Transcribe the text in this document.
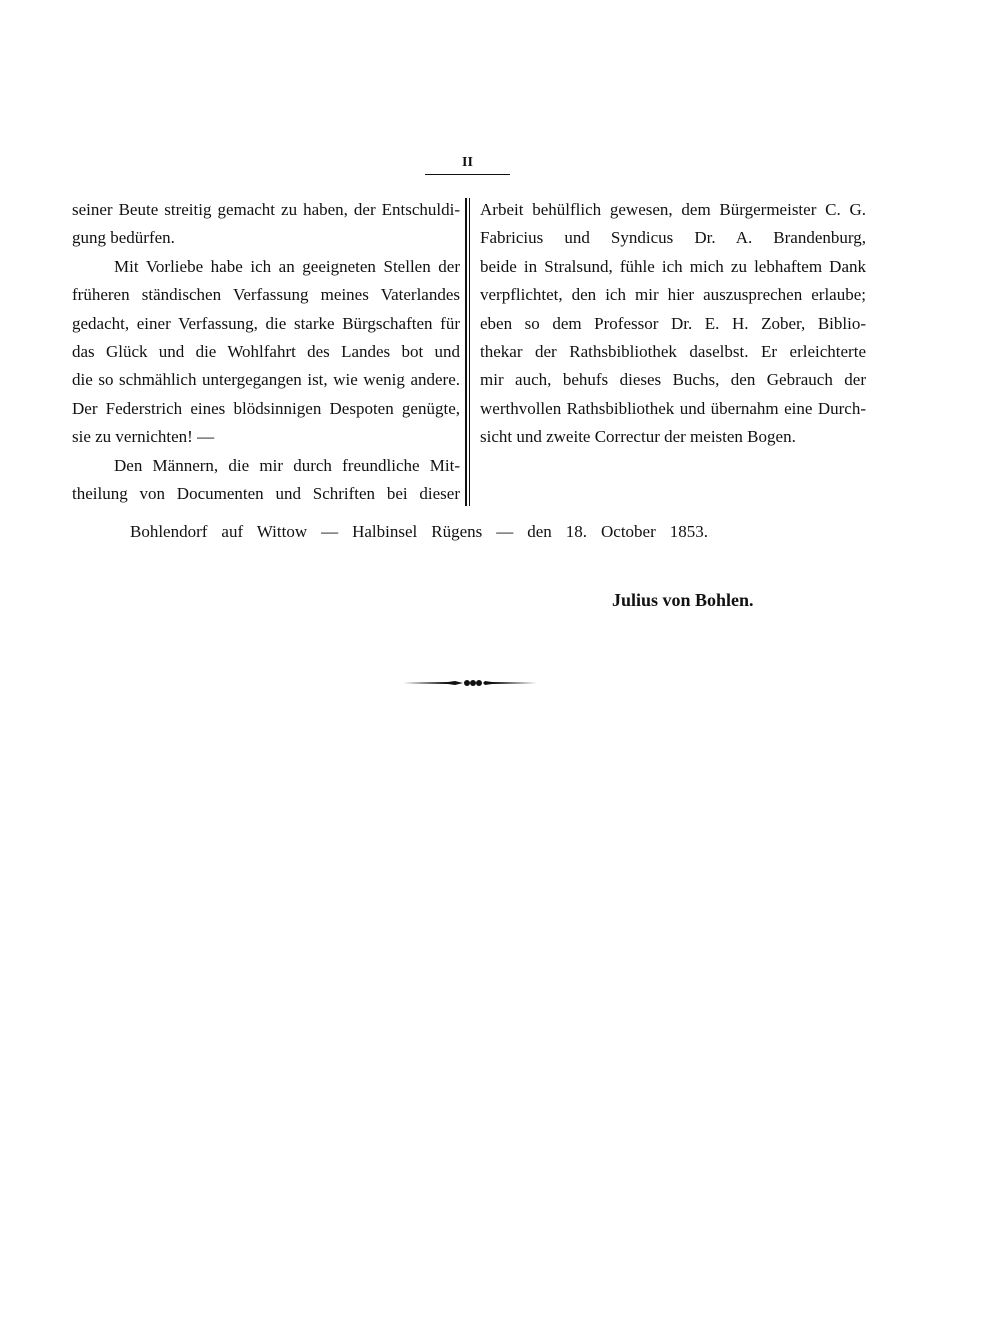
II
seiner Beute streitig gemacht zu haben, der Entschuldi-
gung bedürfen.
Mit Vorliebe habe ich an geeigneten Stellen der
früheren ständischen Verfassung meines Vaterlandes
gedacht, einer Verfassung, die starke Bürgschaften für
das Glück und die Wohlfahrt des Landes bot und
die so schmählich untergegangen ist, wie wenig andere.
Der Federstrich eines blödsinnigen Despoten genügte,
sie zu vernichten! —
Den Männern, die mir durch freundliche Mit-
theilung von Documenten und Schriften bei dieser
Arbeit behülflich gewesen, dem Bürgermeister C. G.
Fabricius und Syndicus Dr. A. Brandenburg,
beide in Stralsund, fühle ich mich zu lebhaftem Dank
verpflichtet, den ich mir hier auszusprechen erlaube;
eben so dem Professor Dr. E. H. Zober, Biblio-
thekar der Rathsbibliothek daselbst. Er erleichterte
mir auch, behufs dieses Buchs, den Gebrauch der
werthvollen Rathsbibliothek und übernahm eine Durch-
sicht und zweite Correctur der meisten Bogen.
Bohlendorf auf Wittow — Halbinsel Rügens — den 18. October 1853.
Julius von Bohlen.
